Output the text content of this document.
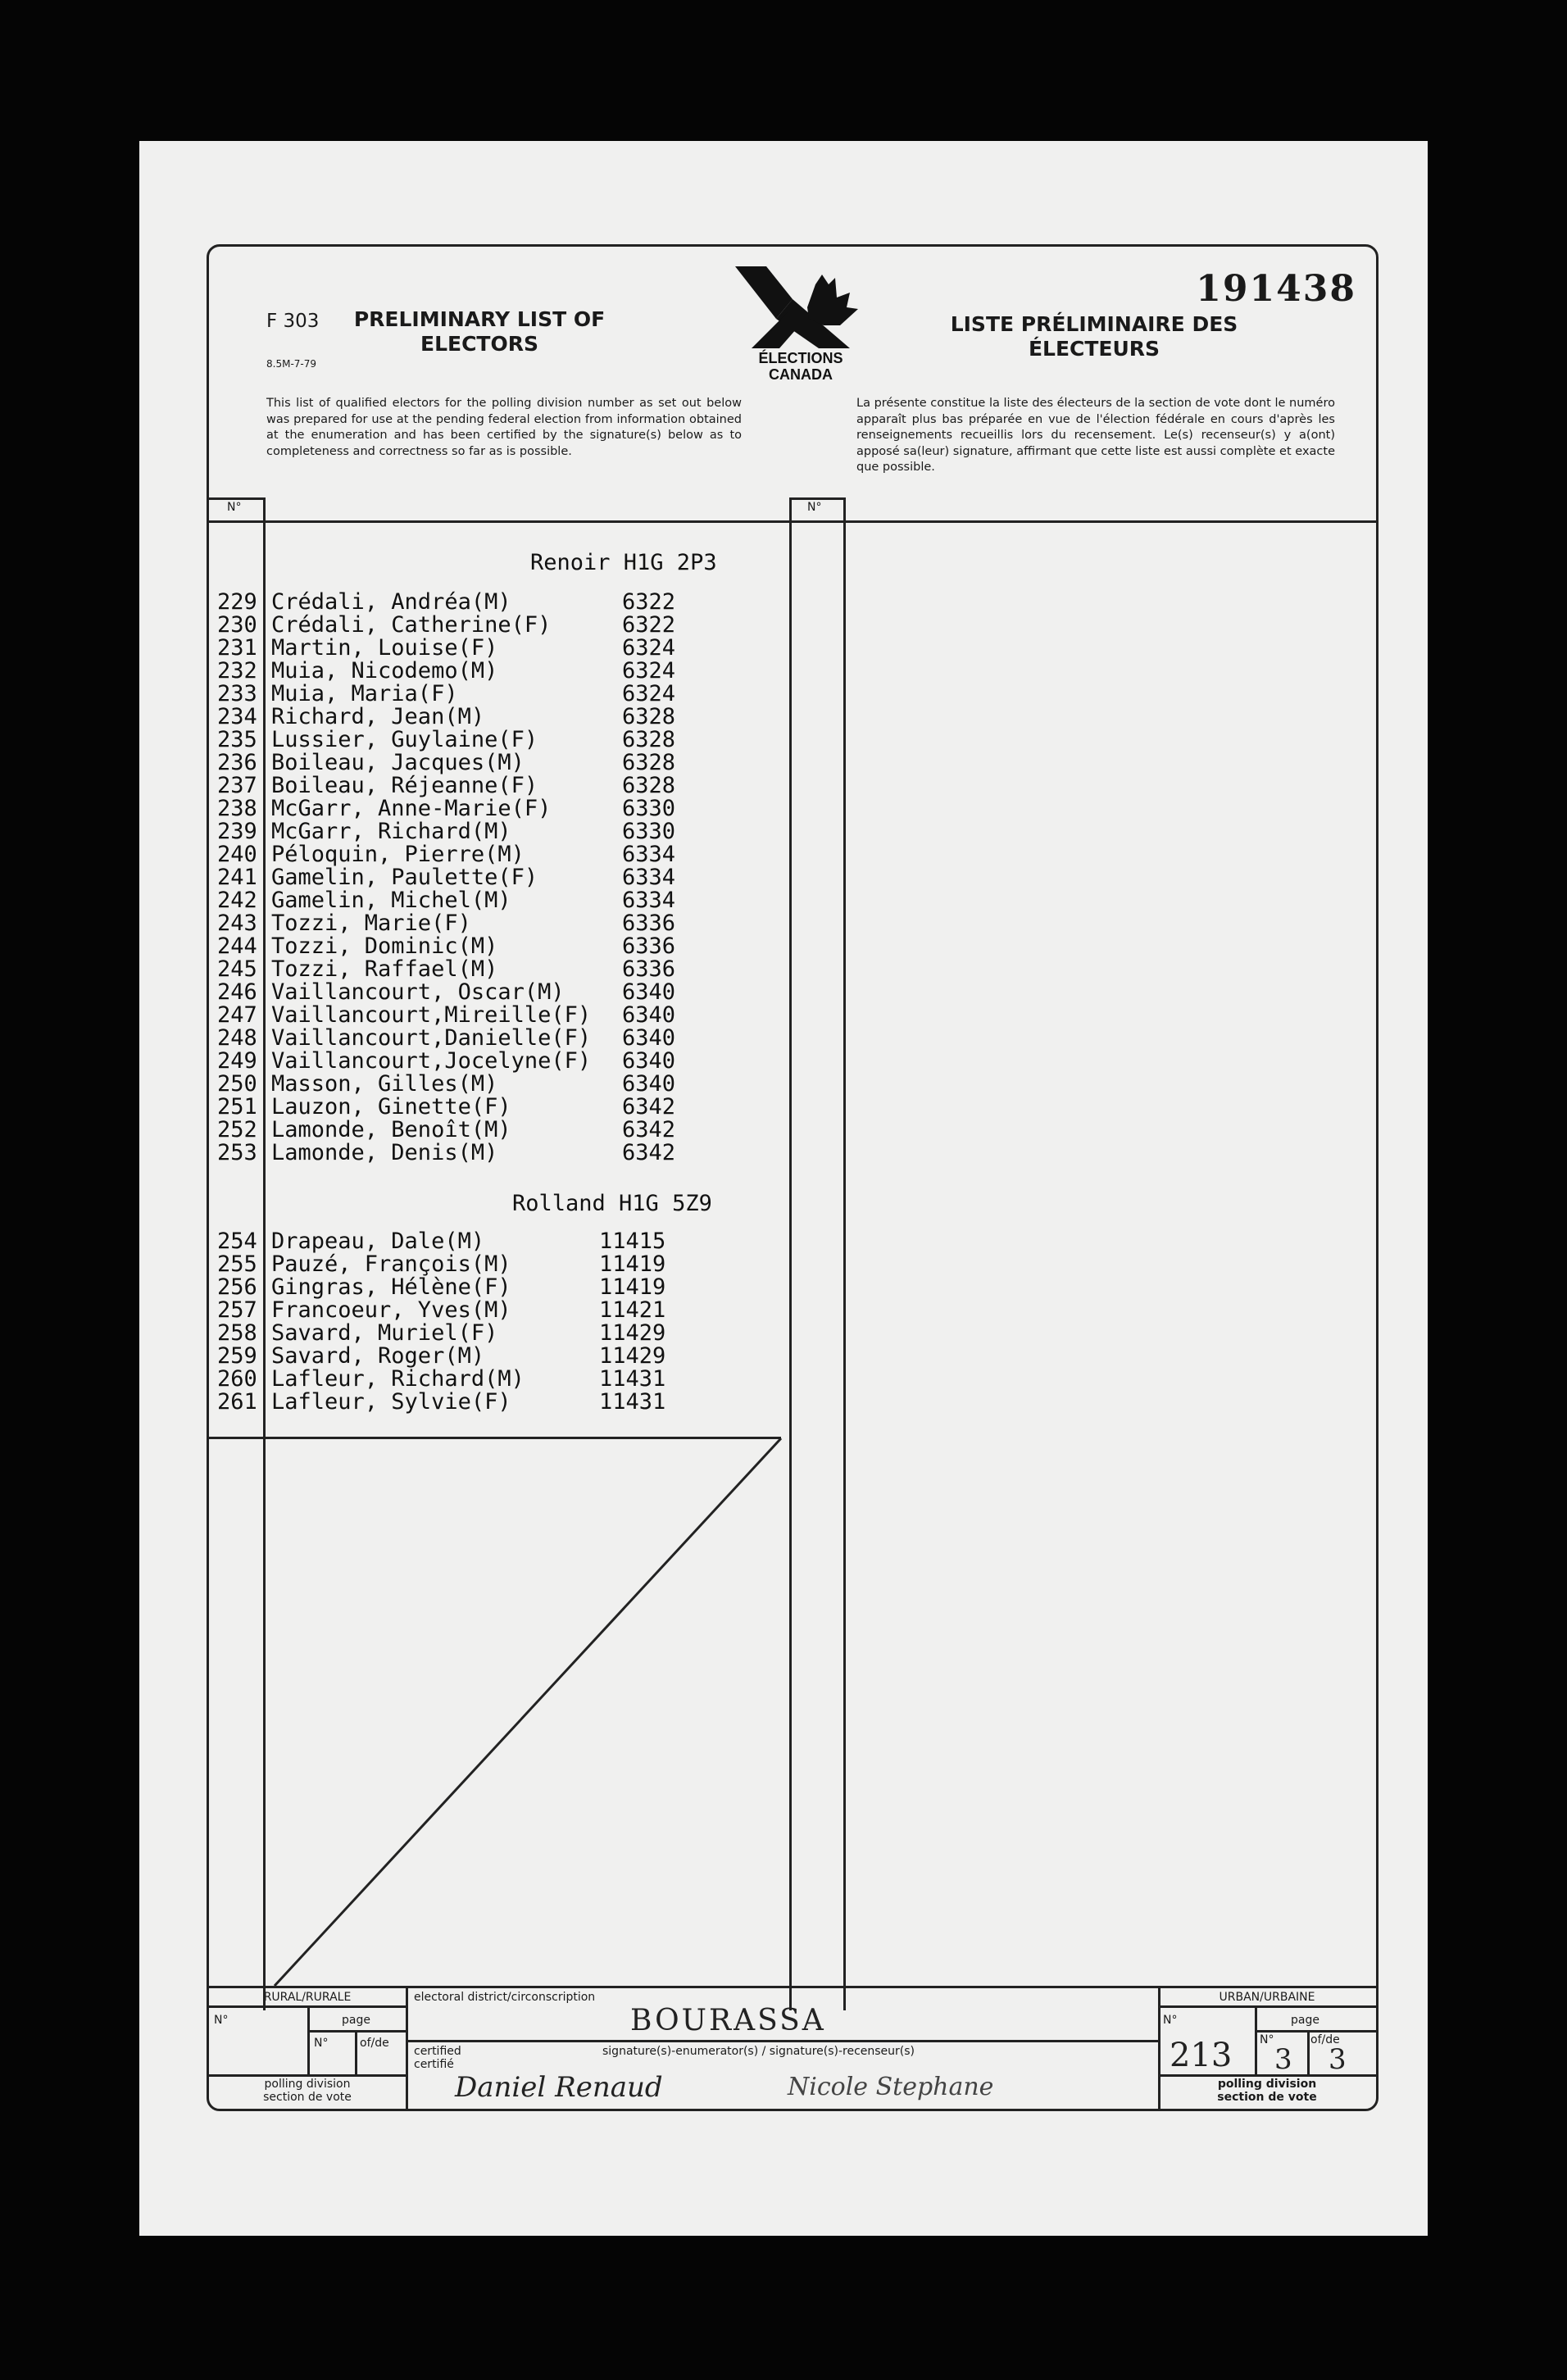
F 303
8.5M-7-79
PRELIMINARY LIST OF ELECTORS
LISTE PRÉLIMINAIRE DES ÉLECTEURS
191438
ÉLECTIONS
CANADA
This list of qualified electors for the polling division number as set out below was prepared for use at the pending federal election from information obtained at the enumeration and has been certified by the signature(s) below as to completeness and correctness so far as is possible.
La présente constitue la liste des électeurs de la section de vote dont le numéro apparaît plus bas préparée en vue de l'élection fédérale en cours d'après les renseignements recueillis lors du recensement. Le(s) recenseur(s) y a(ont) apposé sa(leur) signature, affirmant que cette liste est aussi complète et exacte que possible.
N°	N°
Renoir H1G 2P3
229 Crédali, Andréa(M)	6322
230 Crédali, Catherine(F)	6322
231 Martin, Louise(F)	6324
232 Muia, Nicodemo(M)	6324
233 Muia, Maria(F)	6324
234 Richard, Jean(M)	6328
235 Lussier, Guylaine(F)	6328
236 Boileau, Jacques(M)	6328
237 Boileau, Réjeanne(F)	6328
238 McGarr, Anne-Marie(F)	6330
239 McGarr, Richard(M)	6330
240 Péloquin, Pierre(M)	6334
241 Gamelin, Paulette(F)	6334
242 Gamelin, Michel(M)	6334
243 Tozzi, Marie(F)	6336
244 Tozzi, Dominic(M)	6336
245 Tozzi, Raffael(M)	6336
246 Vaillancourt, Oscar(M)	6340
247 Vaillancourt,Mireille(F) 6340
248 Vaillancourt,Danielle(F) 6340
249 Vaillancourt,Jocelyne(F) 6340
250 Masson, Gilles(M)	6340
251 Lauzon, Ginette(F)	6342
252 Lamonde, Benoît(M)	6342
253 Lamonde, Denis(M)	6342
Rolland H1G 5Z9
254 Drapeau, Dale(M)	11415
255 Pauzé, François(M)	11419
256 Gingras, Hélène(F)	11419
257 Francoeur, Yves(M)	11421
258 Savard, Muriel(F)	11429
259 Savard, Roger(M)	11429
260 Lafleur, Richard(M)	11431
261 Lafleur, Sylvie(F)	11431
RURAL/RURALE	URBAN/URBAINE
N°	page
N°	of/de
polling division
section de vote
electoral district/circonscription
BOURASSA
certified
certifié
signature(s)-enumerator(s) / signature(s)-recenseur(s)
Daniel Renaud	Nicole Stephane
N°	page
N°	of/de
213 3 3
polling division
section de vote
